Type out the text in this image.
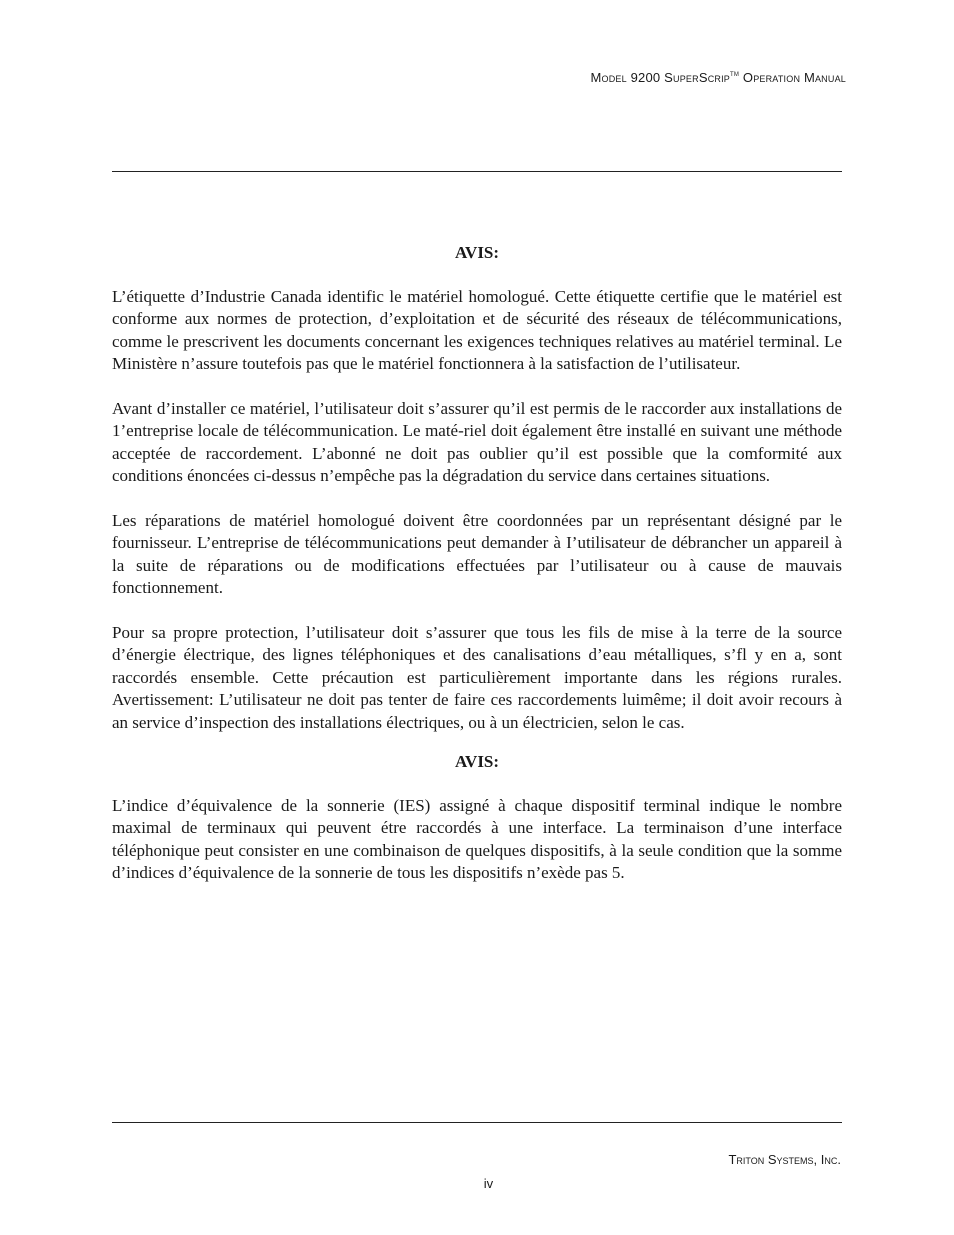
Model 9200 SuperScrip™ Operation Manual
AVIS:

L’étiquette d’Industrie Canada identific le matériel homologué. Cette étiquette certifie que le matériel est conforme aux normes de protection, d’exploitation et de sécurité des réseaux de télécommunications, comme le prescrivent les documents concernant les exigences techniques relatives au matériel terminal. Le Ministère n’assure toutefois pas que le matériel fonctionnera à la satisfaction de l’utilisateur.

Avant d’installer ce matériel, l’utilisateur doit s’assurer qu’il est permis de le raccorder aux installations de 1’entreprise locale de télécommunication. Le maté-riel doit également être installé en suivant une méthode acceptée de raccordement. L’abonné ne doit pas oublier qu’il est possible que la comformité aux conditions énoncées ci-dessus n’empêche pas la dégradation du service dans certaines situations.

Les réparations de matériel homologué doivent être coordonnées par un représentant désigné par le fournisseur. L’entreprise de télécommunications peut demander à I’utilisateur de débrancher un appareil à la suite de réparations ou de modifications effectuées par l’utilisateur ou à cause de mauvais fonctionnement.

Pour sa propre protection, l’utilisateur doit s’assurer que tous les fils de mise à la terre de la source d’énergie électrique, des lignes téléphoniques et des canalisations d’eau métalliques, s’fl y en a, sont raccordés ensemble. Cette précaution est particulièrement importante dans les régions rurales. Avertissement: L’utilisateur ne doit pas tenter de faire ces raccordements luimême; il doit avoir recours à an service d’inspection des installations électriques, ou à un électricien, selon le cas.

AVIS:

L’indice d’équivalence de la sonnerie (IES) assigné à chaque dispositif terminal indique le nombre maximal de terminaux qui peuvent étre raccordés à une interface. La terminaison d’une interface téléphonique peut consister en une combinaison de quelques dispositifs, à la seule condition que la somme d’indices d’équivalence de la sonnerie de tous les dispositifs n’exède pas 5.

Triton Systems, Inc.
iv
